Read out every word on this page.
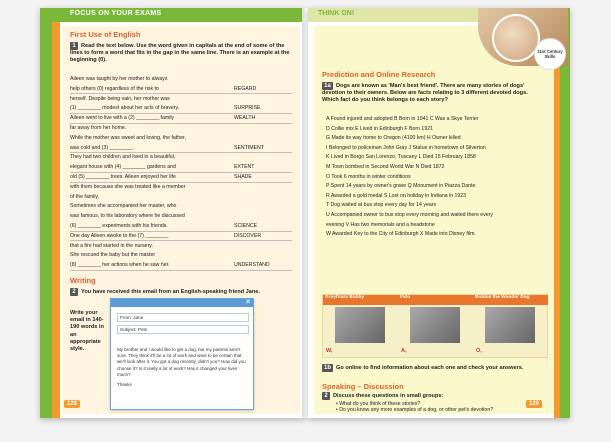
FOCUS ON YOUR EXAMS
First Use of English
1 Read the text below. Use the word given in capitals at the end of some of the lines to form a word that fits in the gap in the same line. There is an example at the beginning (0).
Aileen was taught by her mother to always
help others (0) regardless of the risk to	REGARD
herself. Despite being vain, her mother was
(1) ________ modest about her acts of bravery.	SURPRISE
Aileen went to live with a (2) ________ family	WEALTH
far away from her home.
While the mother was sweet and loving, the father,
was cold and (3) ________.	SENTIMENT
They had two children and lived in a beautiful,
elegant house with (4) ________ gardens and	EXTENT
old (5) ________ trees. Aileen enjoyed her life	SHADE
with them because she was treated like a member
of the family.
Sometimes she accompanied her master, who
was famous, to his laboratory where he discussed
(6) ________ experiments with his friends.	SCIENCE
One day Aileen awoke to the (7) ________	DISCOVER
that a fire had started in the nursery.
She rescued the baby but the master
(8) ________ her actions when he saw her.	UNDERSTAND
Writing
2 You have received this email from an English-speaking friend Jane.
Write your email in 140-190 words in an appropriate style.
128
✕
From: Jane
Subject: Pets
My brother and I would like to get a dog, but my parents aren't sure. They think it'll be a lot of work and want to be certain that we'll look after it. You got a dog recently, didn't you? How did you choose it? Is it really a lot of work? Has it changed your lives much?
Thanks
THINK ON!
Prediction and Online Research
1a Dogs are known as 'Man's best friend'. There are many stories of dogs' devotion to their owners. Below are facts relating to 3 different devoted dogs. Which fact do you think belongs to each story?
A Found injured and adopted B Born in 1941 C Was a Skye Terrier
D Collie mix E Lived in Edinburgh F Born 1921
G Made its way home to Oregon (4100 km) H Owner killed
I Belonged to policeman John Gray J Statue in hometown of Silverton
K Lived in Borgo San Lorenzo, Tuscany L Died 15 February 1858
M Town bombed in Second World War N Died 1872
O Took 6 months in winter conditions
P Spent 14 years by owner's grave Q Monument in Piazza Dante
R Awarded a gold medal S Lost on holiday in Indiana in 1923
T Dog waited at bus stop every day for 14 years
U Accompanied owner to bus stop every morning and waited there every
evening V Has two memorials and a headstone
W Awarded Key to the City of Edinburgh X Made into Disney film.
Greyfriars Bobby
W,
Fido
A,
Bobbie the Wonder Dog
O,
1b Go online to find information about each one and check your answers.
Speaking – Discussion
2 Discuss these questions in small groups:
• What do you think of these stories?
• Do you know any more examples of a dog, or other pet's devotion?
129
21st Century Skills
